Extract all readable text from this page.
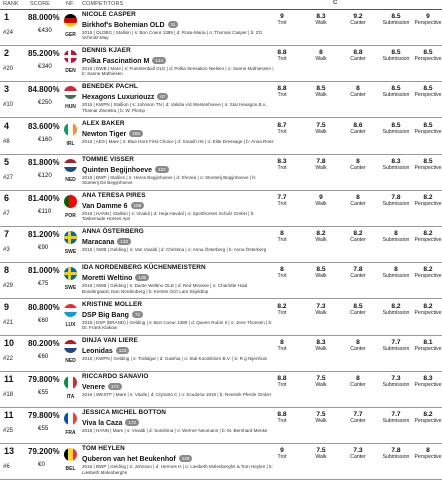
RANK SCORE	NF COMPETITORS	C
1
#24
88.000%
€430
GER
NICOLE CASPER
Birkhof's Bohemian OLD 11
2016 | OLDBG | Stallion | s: Bon Coeur 1389 | d: Rosa-Maria | o: Thomas Casper | b: ZG Schmitz-May
9
Trot
8.3
Walk
9.2
Canter
8.5
Submission
9
Perspective
2
#20
85.200%
€340
DEN
DENNIS KJAER
Polka Fascination M 144
2016 | DWB | Mare | s: Fuerstenball OLD | d: Polka Sensation Nielsen | o: Sanne Mathiessen | b: Sanne Mathiesen
8.8
Trot
8
Walk
8.8
Canter
8.5
Submission
8.5
Perspective
3
#10
84.800%
€250
HUN
BENEDEK PACHL
Hexagons Luxuriouzz 67
2016 | KWPN | Stallion | s: Johnson TN | d: Validia v/d Westenhoeve | o: Stal Hexagon B.v., Thamar Zweistra | b: W. Plomp
8.8
Trot
8.5
Walk
8
Canter
8.5
Submission
8.5
Perspective
4
#8
83.600%
€160
IRL
ALEX BAKER
Newton Tiger 155
2016 | AES | Mare | s: Blue Hors First Choice | d: Smash Hit | o: Elite Dressage | b: Anna Ross
8.7
Trot
7.5
Walk
8.6
Canter
8.5
Submission
8.5
Perspective
5
#27
81.800%
€120
NED
TOMMIE VISSER
Quinten Begijnhoeve 102
2016 | BWP | Stallion | s: Heros Begijnhoeve | d: Shorea | o: Stoeterij Begijnhoeve | b: Stoeterij De Begijnhoeve
8.3
Trot
7.8
Walk
8
Canter
8.3
Submission
8.5
Perspective
6
#7
81.400%
€110
POR
ANA TERESA PIRES
Van Damme 6 168
2016 | HANN | Stallion | s: Vivaldi | d: Heja Havdal | o: Sporthorses Schulz GmbH | b: Taskemade Horses Aps
7.7
Trot
9
Walk
8
Canter
7.8
Submission
8.2
Perspective
7
#3
81.200%
€90
SWE
ANNA ÖSTERBERG
Maracana 133
2016 | SWB | Gelding | s: Van Vivaldi | d: Christina | o: Anna Österberg | b: Anna Österberg
8
Trot
8.2
Walk
8.2
Canter
8
Submission
8.2
Perspective
8
#29
81.000%
€75
SWE
IDA NORDENBERG KÜCHENMEISTERN
Moretti Weltino 135
2016 | SWB | Gelding | s: Dante Weltino OLD | d: Red Mirasoe | o: Charlotte Haid Bondergaard, Dan Nordenberg | b: Kerstin Och Lars Skjoldtop
8
Trot
8.5
Walk
7.8
Canter
8
Submission
8.2
Perspective
9
#21
80.800%
€60
LUX
KRISTINE MOLLER
DSP Big Bang 72
2016 | DSP (BRAND) | Gelding | s: Bon Coeur 1389 | d: Queen Rubin II | o: Jens Thonsen | b: Dr. Frank Klakow
8.2
Trot
7.3
Walk
8.5
Canter
8.2
Submission
8.2
Perspective
10
#22
80.200%
€60
NED
DINJA VAN LIERE
Leonidas 123
2016 | KWPN | Gelding | s: Trafalgar | d: Gaishia | o: Stal Kooiniblom B.V. | b: R.g Nijenhuis
8
Trot
8.3
Walk
8
Canter
7.7
Submission
8.1
Perspective
11
#18
79.800%
€55
ITA
RICCARDO SANAVIO
Venere 172
2016 | WESTF | Mare | s: Vitalis | d: Ciyranto C | o: Scuderia 1918 | b: Reesink Pferde GmbH
8.8
Trot
7.5
Walk
8
Canter
7.3
Submission
8.3
Perspective
11
#25
79.800%
€55
FRA
JESSICA MICHEL BOTTON
Viva la Caza 172
2016 | HANN | Mare | s: Vivaldi | d: Sunshina | o: Werner Neumann | b: M. Bernhard Menke
8.8
Trot
7.5
Walk
7.7
Canter
7.7
Submission
8.2
Perspective
13
#6
79.200%
€0
BEL
TOM HEYLEN
Quberon van het Beukenhof 148
2016 | BWP | Gelding | s: Johnson | d: Hermes H | o: Liesbeth Molenberghs & Tom Heylen | b: Liesbeth Molenberghs
9
Trot
7.5
Walk
7.3
Canter
7.8
Submission
8
Perspective
